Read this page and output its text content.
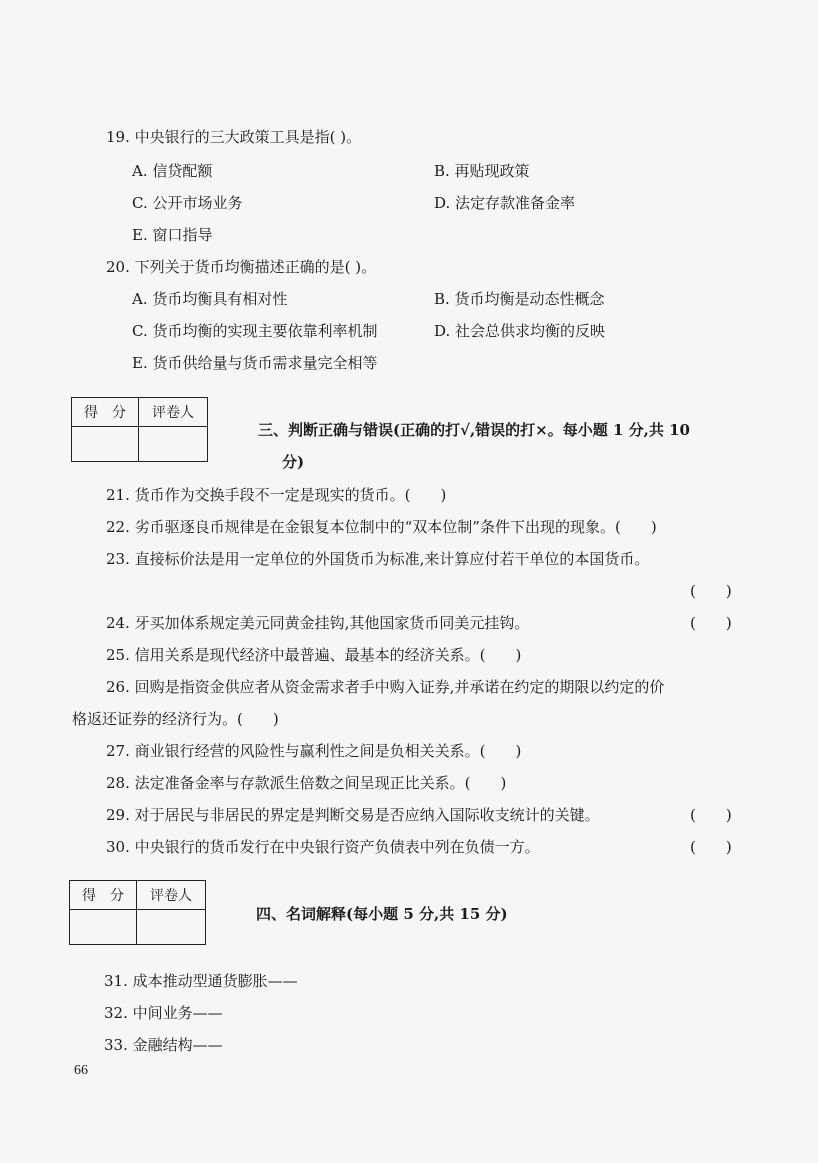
19. 中央银行的三大政策工具是指( )。
A. 信贷配额	B. 再贴现政策
C. 公开市场业务	D. 法定存款准备金率
E. 窗口指导
20. 下列关于货币均衡描述正确的是( )。
A. 货币均衡具有相对性	B. 货币均衡是动态性概念
C. 货币均衡的实现主要依靠利率机制	D. 社会总供求均衡的反映
E. 货币供给量与货币需求量完全相等
得　分	评卷人

三、判断正确与错误(正确的打√,错误的打×。每小题 1 分,共 10
分)
21. 货币作为交换手段不一定是现实的货币。(　　)
22. 劣币驱逐良币规律是在金银复本位制中的“双本位制”条件下出现的现象。(　　)
23. 直接标价法是用一定单位的外国货币为标准,来计算应付若干单位的本国货币。
(　　)
24. 牙买加体系规定美元同黄金挂钩,其他国家货币同美元挂钩。	(　　)
25. 信用关系是现代经济中最普遍、最基本的经济关系。(　　)
26. 回购是指资金供应者从资金需求者手中购入证券,并承诺在约定的期限以约定的价
格返还证券的经济行为。(　　)
27. 商业银行经营的风险性与赢利性之间是负相关关系。(　　)
28. 法定准备金率与存款派生倍数之间呈现正比关系。(　　)
29. 对于居民与非居民的界定是判断交易是否应纳入国际收支统计的关键。	(　　)
30. 中央银行的货币发行在中央银行资产负债表中列在负债一方。	(　　)
得　分	评卷人

四、名词解释(每小题 5 分,共 15 分)
31. 成本推动型通货膨胀——
32. 中间业务——
33. 金融结构——
66
